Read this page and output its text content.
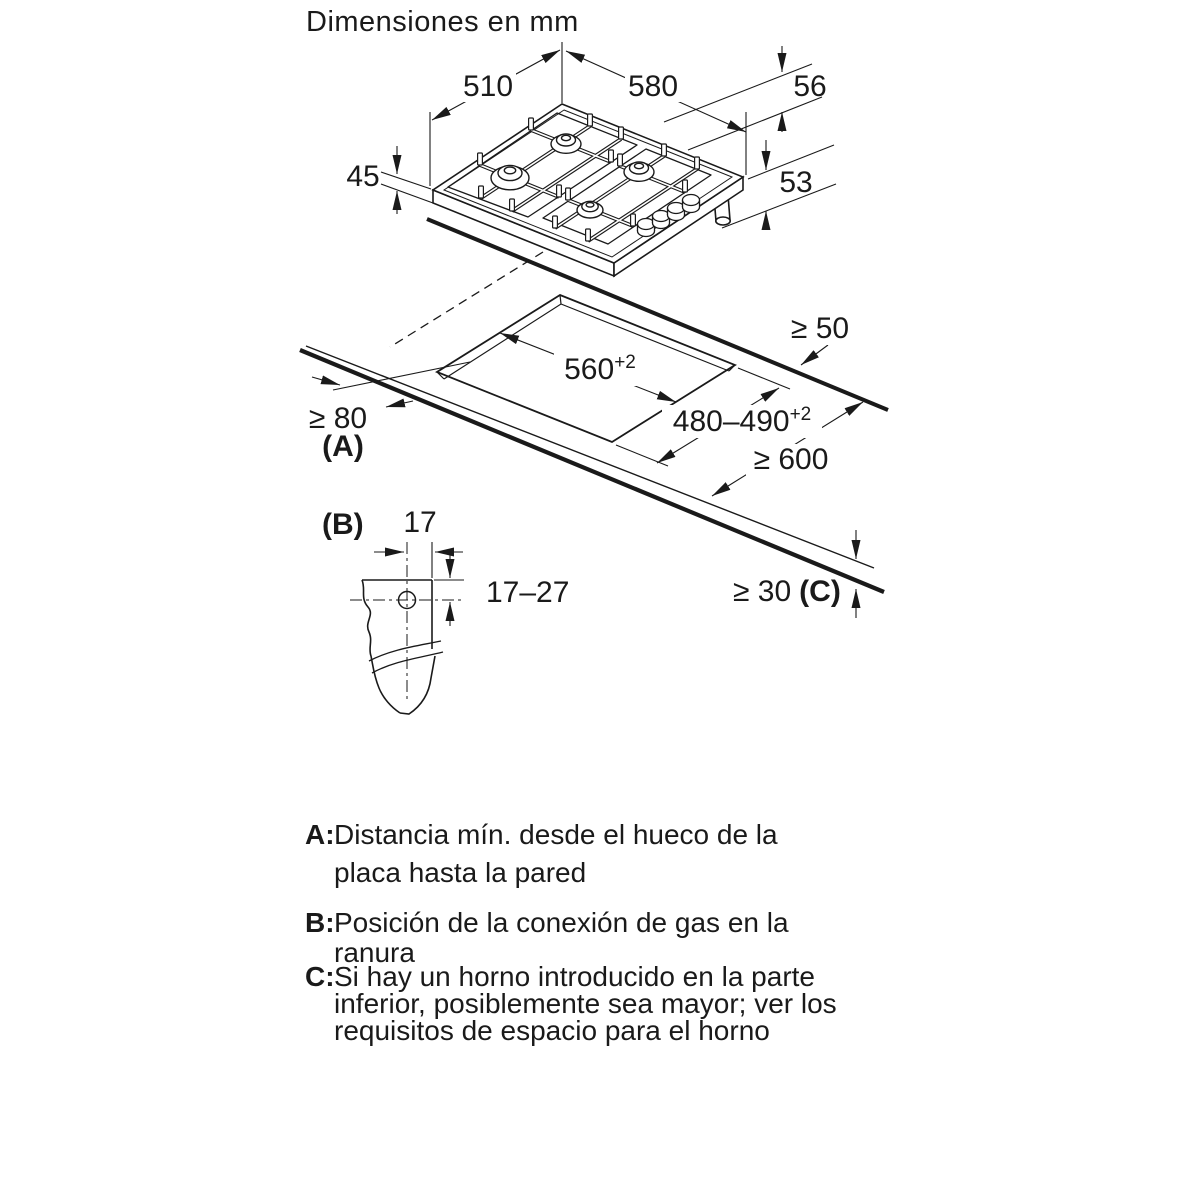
Dimensiones en mm
510	580	56
45	53
$560^{+2}$
$480-490^{+2}$
≥ 50
≥ 600
≥ 80
(A)
≥ 30 (C)
(B) 17
17–27
A:Distancia mín. desde el hueco de la
placa hasta la pared
B:Posición de la conexión de gas en la
ranura
C:Si hay un horno introducido en la parte
inferior, posiblemente sea mayor; ver los
requisitos de espacio para el horno
